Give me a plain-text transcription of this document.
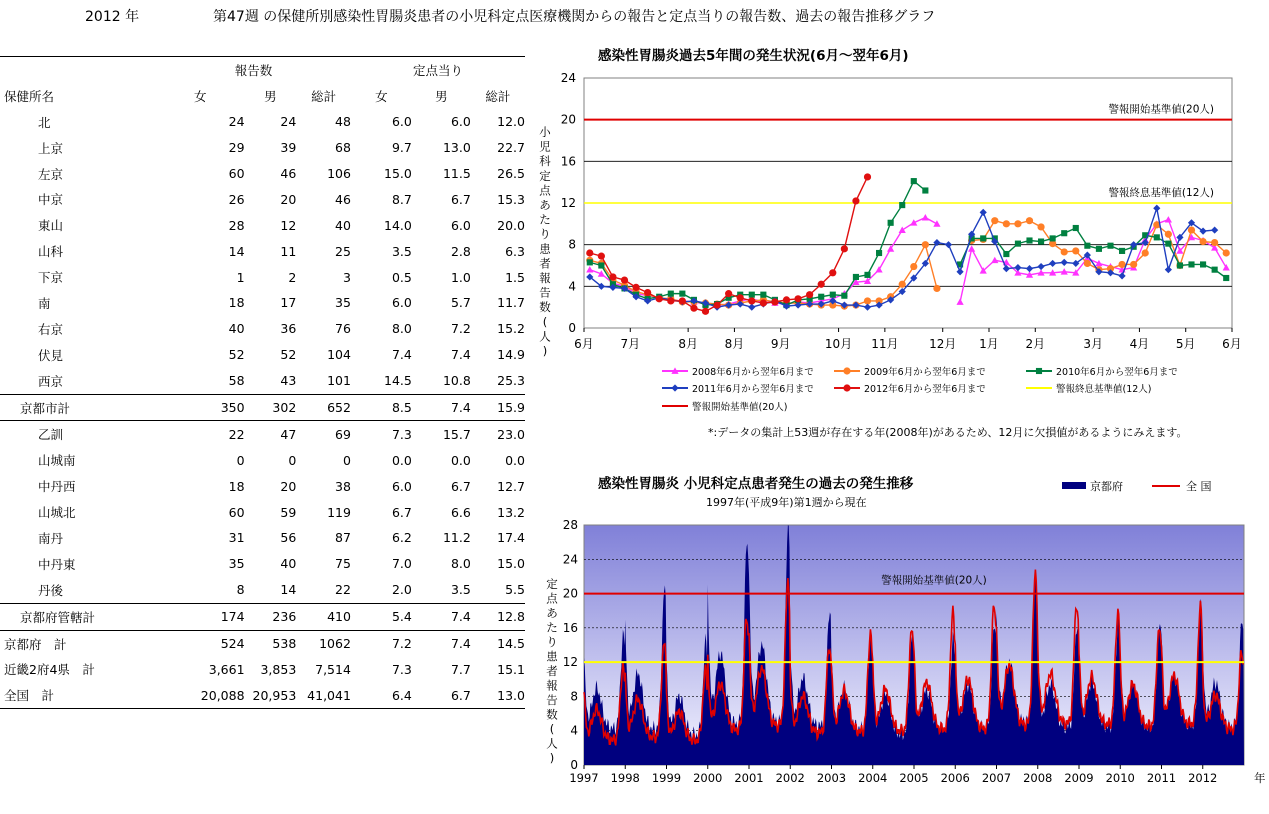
2012 年	第47週 の保健所別感染性胃腸炎患者の小児科定点医療機関からの報告と定点当りの報告数、過去の報告推移グラフ
	報告数			定点当り		
保健所名	女	男	総計	女	男	総計
北	24	24	48	6.0	6.0	12.0
上京	29	39	68	9.7	13.0	22.7
左京	60	46	106	15.0	11.5	26.5
中京	26	20	46	8.7	6.7	15.3
東山	28	12	40	14.0	6.0	20.0
山科	14	11	25	3.5	2.8	6.3
下京	1	2	3	0.5	1.0	1.5
南	18	17	35	6.0	5.7	11.7
右京	40	36	76	8.0	7.2	15.2
伏見	52	52	104	7.4	7.4	14.9
西京	58	43	101	14.5	10.8	25.3
京都市計	350	302	652	8.5	7.4	15.9
乙訓	22	47	69	7.3	15.7	23.0
山城南	0	0	0	0.0	0.0	0.0
中丹西	18	20	38	6.0	6.7	12.7
山城北	60	59	119	6.7	6.6	13.2
南丹	31	56	87	6.2	11.2	17.4
中丹東	35	40	75	7.0	8.0	15.0
丹後	8	14	22	2.0	3.5	5.5
京都府管轄計	174	236	410	5.4	7.4	12.8
京都府　計	524	538	1062	7.2	7.4	14.5
近畿2府4県　計	3,661	3,853	7,514	7.3	7.7	15.1
全国　計	20,088	20,953	41,041	6.4	6.7	13.0
感染性胃腸炎過去5年間の発生状況(6月～翌年6月)
0
4
8
12
16
20
24
小
児
科
定
点
あ
た
り
患
者
報
告
数
(
人
)
警報開始基準値(20人)
警報終息基準値(12人)
6月 7月	8月 8月 9月	10月 11月	12月 1月 2月	3月 4月 5月 6月
2008年6月から翌年6月まで	2009年6月から翌年6月まで	2010年6月から翌年6月まで
2011年6月から翌年6月まで	2012年6月から翌年6月まで	警報終息基準値(12人)
警報開始基準値(20人)
*:データの集計上53週が存在する年(2008年)があるため、12月に欠損値があるようにみえます。
感染性胃腸炎 小児科定点患者発生の過去の発生推移
1997年(平成9年)第1週から現在
0
4
8
12
16
20
24
28
定
点
あ
た
り
患
者
報
告
数
(
人
)
警報開始基準値(20人)
1997 1998 1999 2000 2001 2002 2003 2004 2005 2006 2007 2008 2009 2010 2011 2012	年
京都府	全 国
